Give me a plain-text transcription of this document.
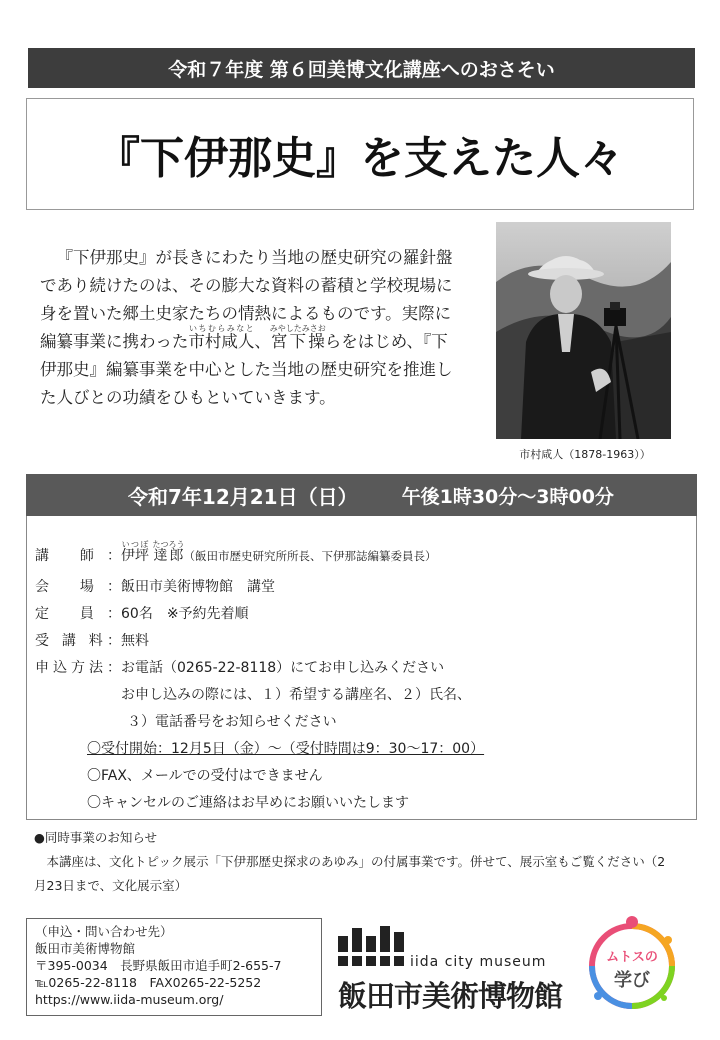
令和７年度 第６回美博文化講座へのおさそい
『下伊那史』を支えた人々
『下伊那史』が長きにわたり当地の歴史研究の羅針盤であり続けたのは、その膨大な資料の蓄積と学校現場に身を置いた郷土史家たちの情熱によるものです。実際に編纂事業に携わった市村咸人いちむらみなと、宮下操みやしたみさおらをはじめ、『下伊那史』編纂事業を中心とした当地の歴史研究を推進した人びとの功績をひもといていきます。
市村咸人（1878-1963））
令和7年12月21日（日） 午後1時30分～3時00分
講 師：伊坪いつぼ 達郎たつろう（飯田市歴史研究所所長、下伊那誌編纂委員長）
会 場：飯田市美術博物館　講堂
定 員：60名　※予約先着順
受 講 料：無料
申込方法：お電話（0265-22-8118）にてお申し込みください
お申し込みの際には、１）希望する講座名、２）氏名、
３）電話番号をお知らせください
〇受付開始：12月5日（金）～（受付時間は9：30～17：00）
〇FAX、メールでの受付はできません
〇キャンセルのご連絡はお早めにお願いいたします
●同時事業のお知らせ
本講座は、文化トピック展示「下伊那歴史探求のあゆみ」の付属事業です。併せて、展示室もご覧ください（2月23日まで、文化展示室）
（申込・問い合わせ先）
飯田市美術博物館
〒395-0034　長野県飯田市追手町2-655-7
℡0265-22-8118　FAX0265-22-5252
https://www.iida-museum.org/
iida city museum
飯田市美術博物館
ムトスの
学び
